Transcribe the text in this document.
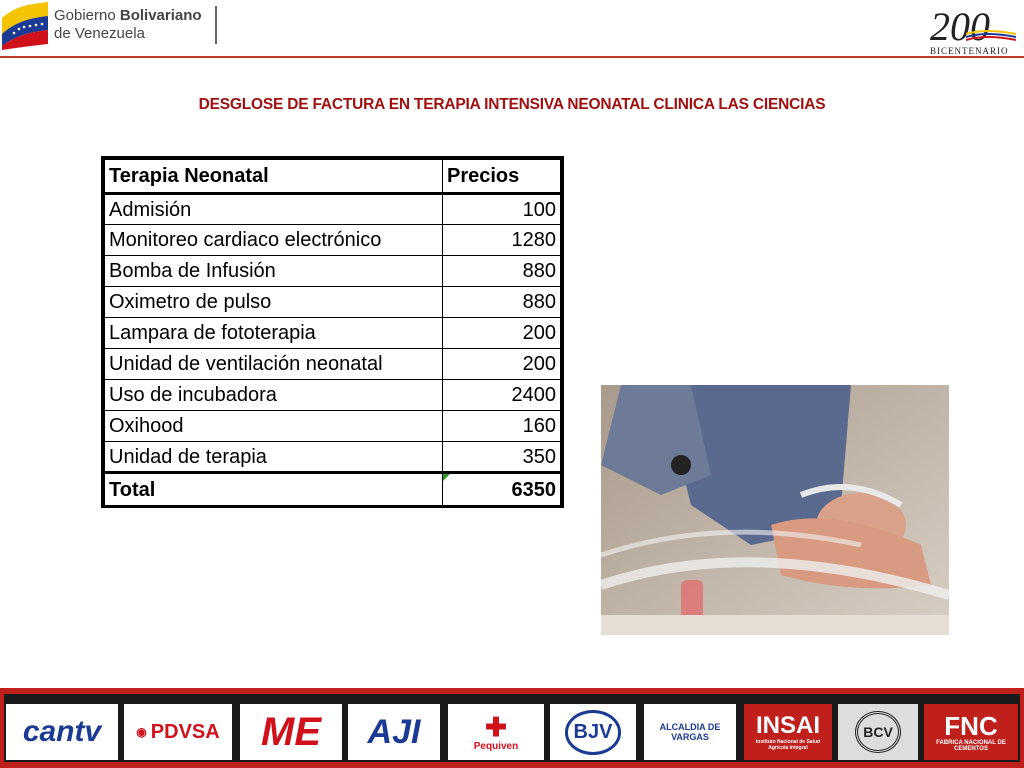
Gobierno Bolivariano
de Venezuela	200
BICENTENARIO
DESGLOSE DE FACTURA EN TERAPIA INTENSIVA NEONATAL CLINICA LAS CIENCIAS
Terapia Neonatal	Precios
Admisión	100
Monitoreo cardiaco electrónico	1280
Bomba de Infusión	880
Oximetro de pulso	880
Lampara de fototerapia	200
Unidad de ventilación neonatal	200
Uso de incubadora	2400
Oxihood	160
Unidad de terapia	350
Total	6350
cantv	◉ PDVSA ME AJI ✚
Pequiven
BJV	ALCALDIA DE VARGAS	INSAI
Instituto Nacional de Salud Agrícola Integral
BCV	FNC
FABRICA NACIONAL DE CEMENTOS
